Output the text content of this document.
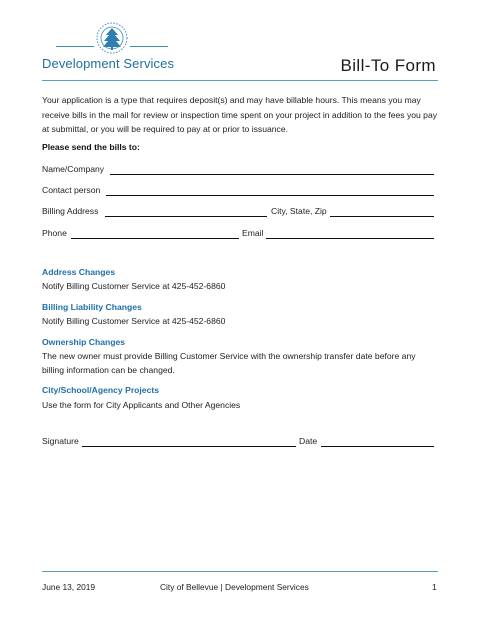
Development Services	Bill-To Form
Your application is a type that requires deposit(s) and may have billable hours. This means you may receive bills in the mail for review or inspection time spent on your project in addition to the fees you pay at submittal, or you will be required to pay at or prior to issuance.
Please send the bills to:
Name/Company
Contact person
Billing Address	City, State, Zip
Phone	Email
Address Changes
Notify Billing Customer Service at 425-452-6860
Billing Liability Changes
Notify Billing Customer Service at 425-452-6860
Ownership Changes
The new owner must provide Billing Customer Service with the ownership transfer date before any billing information can be changed.
City/School/Agency Projects
Use the form for City Applicants and Other Agencies
Signature	Date
June 13, 2019	City of Bellevue | Development Services	1
